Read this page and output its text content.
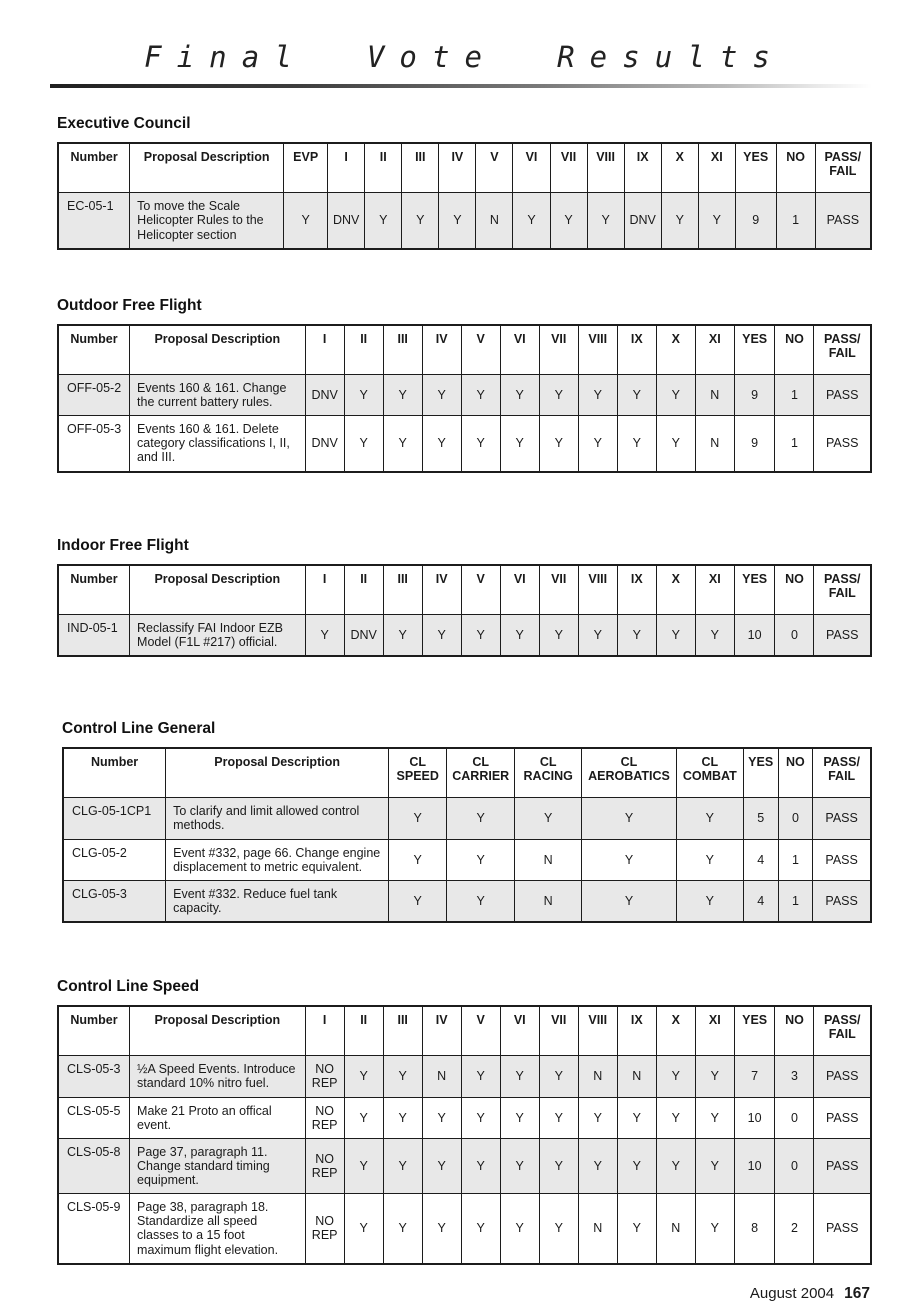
Final Vote Results
Executive Council
Number	Proposal Description	EVP	I	II	III	IV	V	VI	VII	VIII	IX	X	XI	YES	NO	PASS/ FAIL
EC-05-1	To move the Scale Helicopter Rules to the Helicopter section	Y	DNV	Y	Y	Y	N	Y	Y	Y	DNV	Y	Y	9	1	PASS
Outdoor Free Flight
Number	Proposal Description	I	II	III	IV	V	VI	VII	VIII	IX	X	XI	YES	NO	PASS/ FAIL
OFF-05-2	Events 160 & 161. Change the current battery rules.	DNV	Y	Y	Y	Y	Y	Y	Y	Y	Y	N	9	1	PASS
OFF-05-3	Events 160 & 161. Delete category classifications I, II, and III.	DNV	Y	Y	Y	Y	Y	Y	Y	Y	Y	N	9	1	PASS
Indoor Free Flight
Number	Proposal Description	I	II	III	IV	V	VI	VII	VIII	IX	X	XI	YES	NO	PASS/ FAIL
IND-05-1	Reclassify FAI Indoor EZB Model (F1L #217) official.	Y	DNV	Y	Y	Y	Y	Y	Y	Y	Y	Y	10	0	PASS
Control Line General
Number	Proposal Description	CL SPEED	CL CARRIER	CL RACING	CL AEROBATICS	CL COMBAT	YES	NO	PASS/ FAIL
CLG-05-1CP1	To clarify and limit allowed control methods.	Y	Y	Y	Y	Y	5	0	PASS
CLG-05-2	Event #332, page 66. Change engine displacement to metric equivalent.	Y	Y	N	Y	Y	4	1	PASS
CLG-05-3	Event #332. Reduce fuel tank capacity.	Y	Y	N	Y	Y	4	1	PASS
Control Line Speed
Number	Proposal Description	I	II	III	IV	V	VI	VII	VIII	IX	X	XI	YES	NO	PASS/ FAIL
CLS-05-3	½A Speed Events. Introduce standard 10% nitro fuel.	NO REP	Y	Y	N	Y	Y	Y	N	N	Y	Y	7	3	PASS
CLS-05-5	Make 21 Proto an offical event.	NO REP	Y	Y	Y	Y	Y	Y	Y	Y	Y	Y	10	0	PASS
CLS-05-8	Page 37, paragraph 11. Change standard timing equipment.	NO REP	Y	Y	Y	Y	Y	Y	Y	Y	Y	Y	10	0	PASS
CLS-05-9	Page 38, paragraph 18. Standardize all speed classes to a 15 foot maximum flight elevation.	NO REP	Y	Y	Y	Y	Y	Y	N	Y	N	Y	8	2	PASS
August 2004 167
